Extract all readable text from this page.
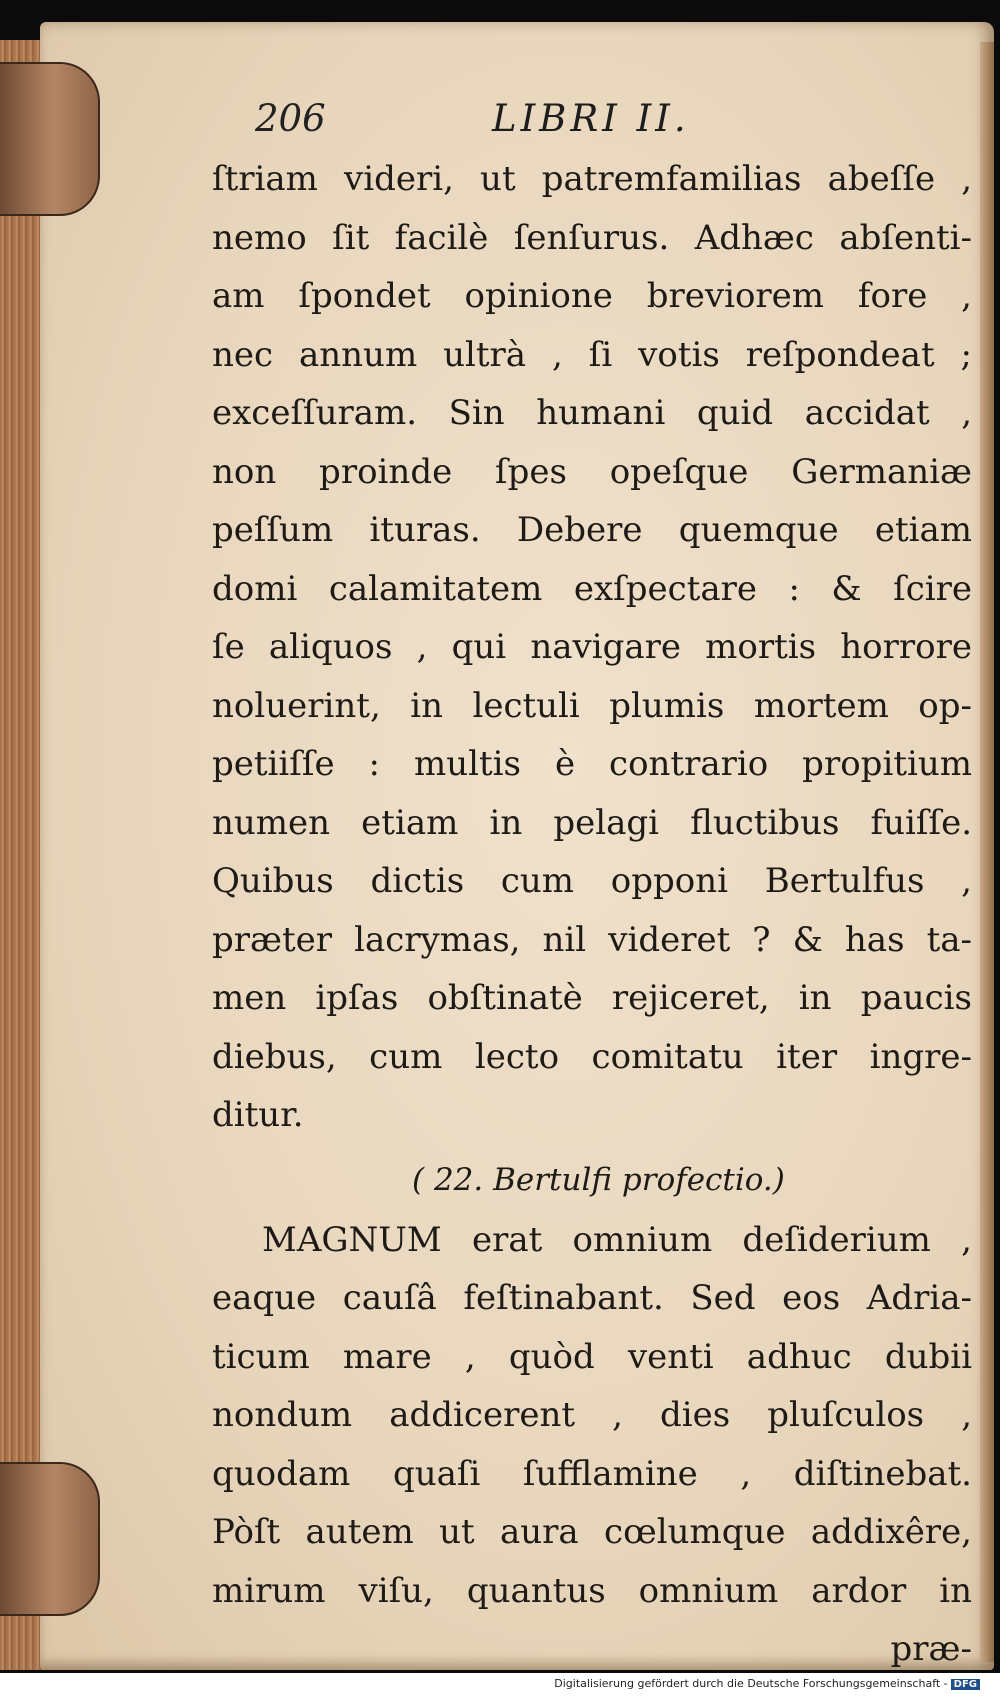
206	LIBRI II.
ſtriam videri, ut patremfamilias abeſſe ,
nemo ſit facilè ſenſurus. Adhæc abſenti-
am ſpondet opinione breviorem fore ,
nec annum ultrà , ſi votis reſpondeat ;
exceſſuram. Sin humani quid accidat ,
non proinde ſpes opeſque Germaniæ
peſſum ituras. Debere quemque etiam
domi calamitatem exſpectare : & ſcire
ſe aliquos , qui navigare mortis horrore
noluerint, in lectuli plumis mortem op-
petiiſſe : multis è contrario propitium
numen etiam in pelagi fluctibus fuiſſe.
Quibus dictis cum opponi Bertulfus ,
præter lacrymas, nil videret ? & has ta-
men ipſas obſtinatè rejiceret, in paucis
diebus, cum lecto comitatu iter ingre-
ditur.
( 22. Bertulfi profectio.)
MAGNUM erat omnium deſiderium ,
eaque cauſâ feſtinabant. Sed eos Adria-
ticum mare , quòd venti adhuc dubii
nondum addicerent , dies pluſculos ,
quodam quaſi ſufflamine , diſtinebat.
Pòſt autem ut aura cœlumque addixêre,
mirum viſu, quantus omnium ardor in
præ-
Digitalisierung gefördert durch die Deutsche Forschungsgemeinschaft - DFG
